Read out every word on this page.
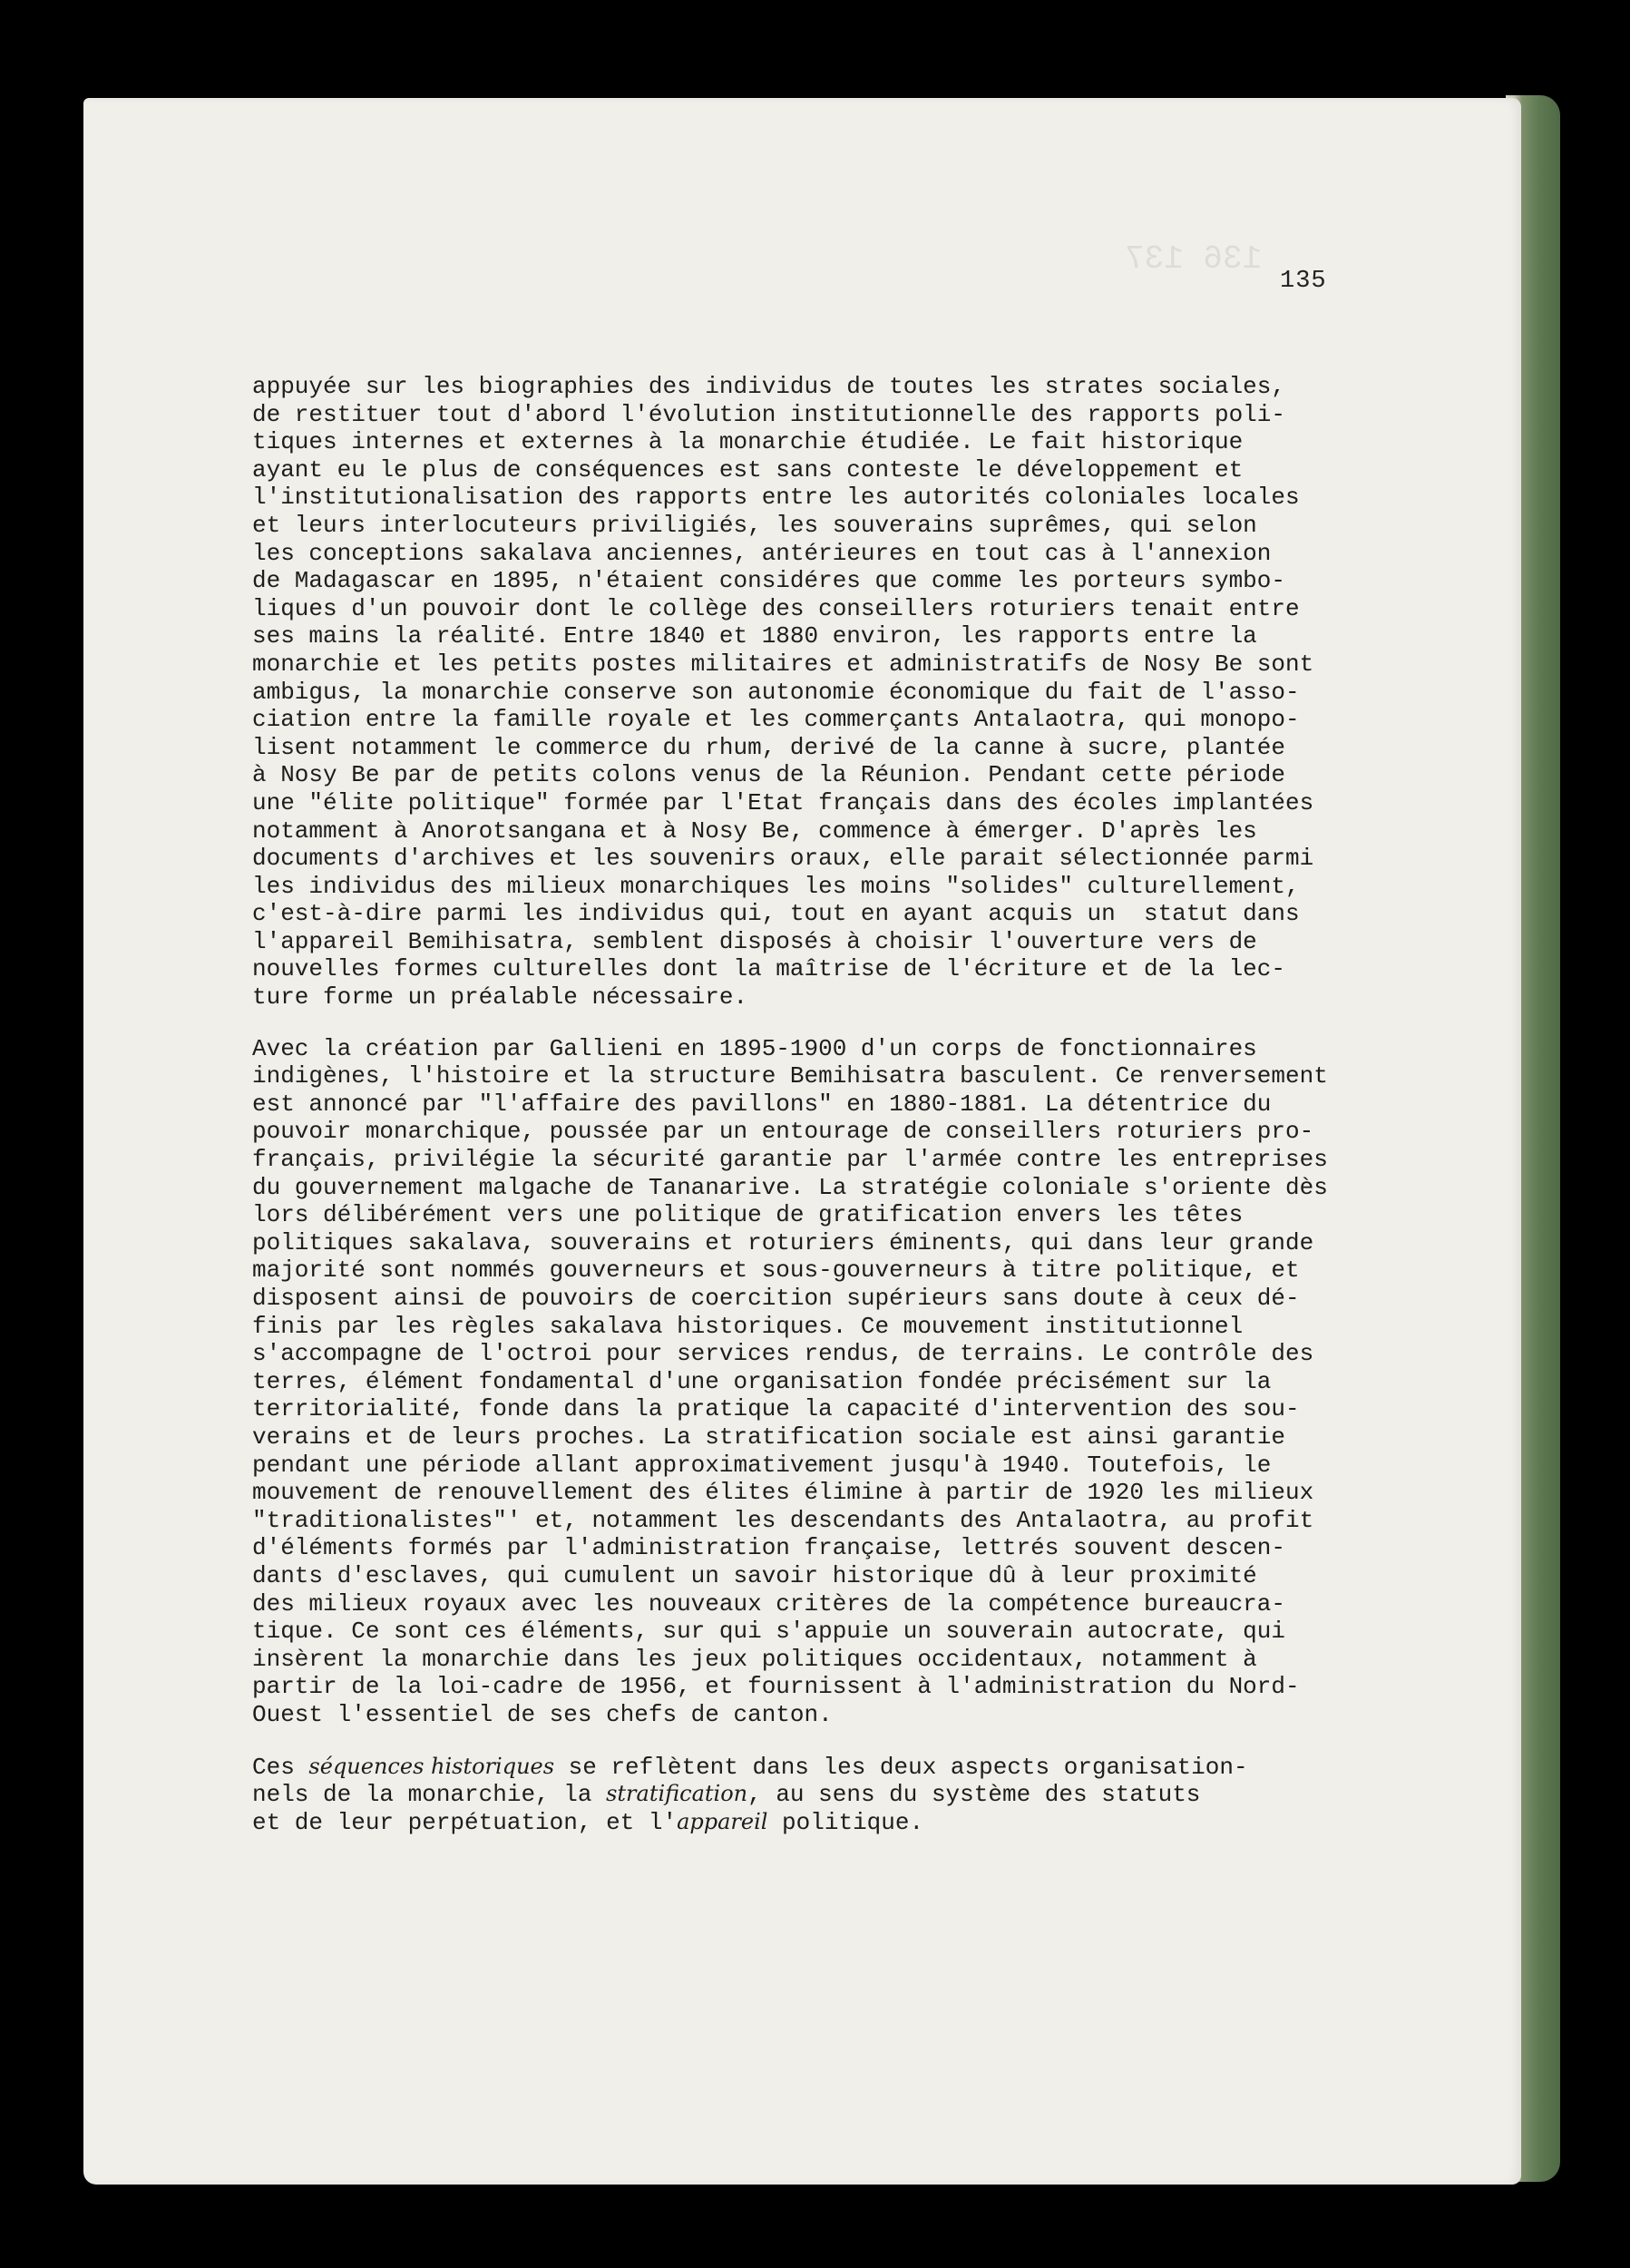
136 137
135
appuyée sur les biographies des individus de toutes les strates sociales,
de restituer tout d'abord l'évolution institutionnelle des rapports poli-
tiques internes et externes à la monarchie étudiée. Le fait historique
ayant eu le plus de conséquences est sans conteste le développement et
l'institutionalisation des rapports entre les autorités coloniales locales
et leurs interlocuteurs priviligiés, les souverains suprêmes, qui selon
les conceptions sakalava anciennes, antérieures en tout cas à l'annexion
de Madagascar en 1895, n'étaient considéres que comme les porteurs symbo-
liques d'un pouvoir dont le collège des conseillers roturiers tenait entre
ses mains la réalité. Entre 1840 et 1880 environ, les rapports entre la
monarchie et les petits postes militaires et administratifs de Nosy Be sont
ambigus, la monarchie conserve son autonomie économique du fait de l'asso-
ciation entre la famille royale et les commerçants Antalaotra, qui monopo-
lisent notamment le commerce du rhum, derivé de la canne à sucre, plantée
à Nosy Be par de petits colons venus de la Réunion. Pendant cette période
une "élite politique" formée par l'Etat français dans des écoles implantées
notamment à Anorotsangana et à Nosy Be, commence à émerger. D'après les
documents d'archives et les souvenirs oraux, elle parait sélectionnée parmi
les individus des milieux monarchiques les moins "solides" culturellement,
c'est-à-dire parmi les individus qui, tout en ayant acquis un  statut dans
l'appareil Bemihisatra, semblent disposés à choisir l'ouverture vers de
nouvelles formes culturelles dont la maîtrise de l'écriture et de la lec-
ture forme un préalable nécessaire.
Avec la création par Gallieni en 1895-1900 d'un corps de fonctionnaires
indigènes, l'histoire et la structure Bemihisatra basculent. Ce renversement
est annoncé par "l'affaire des pavillons" en 1880-1881. La détentrice du
pouvoir monarchique, poussée par un entourage de conseillers roturiers pro-
français, privilégie la sécurité garantie par l'armée contre les entreprises
du gouvernement malgache de Tananarive. La stratégie coloniale s'oriente dès
lors délibérément vers une politique de gratification envers les têtes
politiques sakalava, souverains et roturiers éminents, qui dans leur grande
majorité sont nommés gouverneurs et sous-gouverneurs à titre politique, et
disposent ainsi de pouvoirs de coercition supérieurs sans doute à ceux dé-
finis par les règles sakalava historiques. Ce mouvement institutionnel
s'accompagne de l'octroi pour services rendus, de terrains. Le contrôle des
terres, élément fondamental d'une organisation fondée précisément sur la
territorialité, fonde dans la pratique la capacité d'intervention des sou-
verains et de leurs proches. La stratification sociale est ainsi garantie
pendant une période allant approximativement jusqu'à 1940. Toutefois, le
mouvement de renouvellement des élites élimine à partir de 1920 les milieux
"traditionalistes"' et, notamment les descendants des Antalaotra, au profit
d'éléments formés par l'administration française, lettrés souvent descen-
dants d'esclaves, qui cumulent un savoir historique dû à leur proximité
des milieux royaux avec les nouveaux critères de la compétence bureaucra-
tique. Ce sont ces éléments, sur qui s'appuie un souverain autocrate, qui
insèrent la monarchie dans les jeux politiques occidentaux, notamment à
partir de la loi-cadre de 1956, et fournissent à l'administration du Nord-
Ouest l'essentiel de ses chefs de canton.
Ces séquences historiques se reflètent dans les deux aspects organisation-
nels de la monarchie, la stratification, au sens du système des statuts
et de leur perpétuation, et l'appareil politique.
